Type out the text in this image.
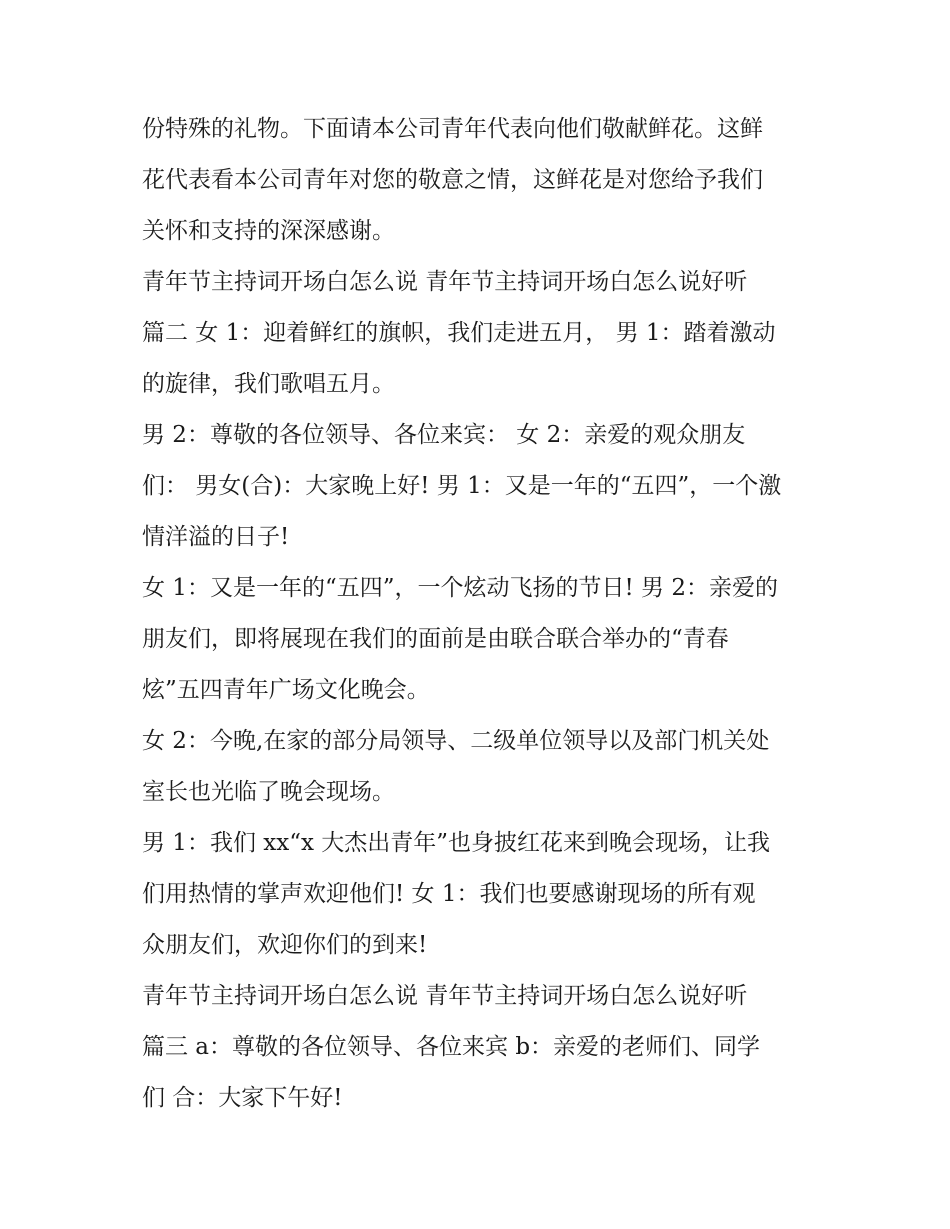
份特殊的礼物。下面请本公司青年代表向他们敬献鲜花。这鲜
花代表看本公司青年对您的敬意之情，这鲜花是对您给予我们
关怀和支持的深深感谢。
青年节主持词开场白怎么说 青年节主持词开场白怎么说好听
篇二 女 1：迎着鲜红的旗帜，我们走进五月， 男 1：踏着激动
的旋律，我们歌唱五月。
男 2：尊敬的各位领导、各位来宾： 女 2：亲爱的观众朋友
们： 男女(合)：大家晚上好! 男 1：又是一年的“五四”，一个激
情洋溢的日子!
女 1：又是一年的“五四”，一个炫动飞扬的节日! 男 2：亲爱的
朋友们，即将展现在我们的面前是由联合联合举办的“青春
炫”五四青年广场文化晚会。
女 2：今晚,在家的部分局领导、二级单位领导以及部门机关处
室长也光临了晚会现场。
男 1：我们 xx“x 大杰出青年”也身披红花来到晚会现场，让我
们用热情的掌声欢迎他们! 女 1：我们也要感谢现场的所有观
众朋友们，欢迎你们的到来!
青年节主持词开场白怎么说 青年节主持词开场白怎么说好听
篇三 a：尊敬的各位领导、各位来宾 b：亲爱的老师们、同学
们 合：大家下午好!
